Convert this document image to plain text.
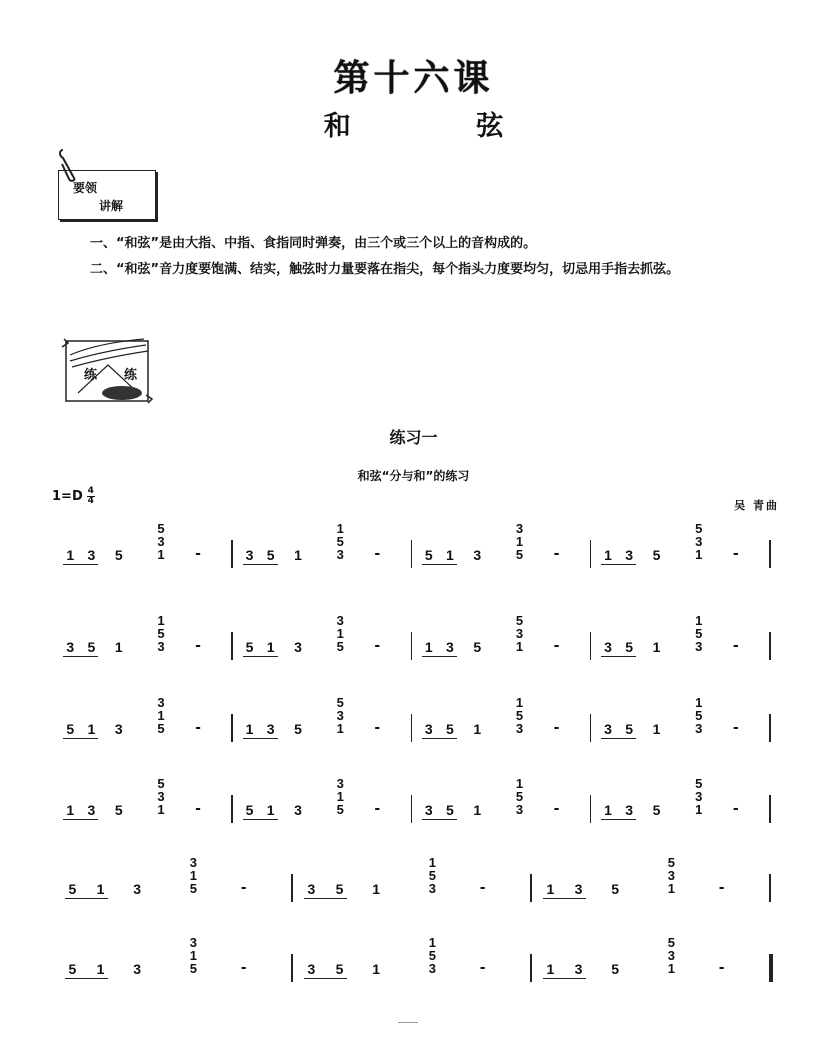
第十六课
和 弦
要领
讲解
一、“和弦”是由大指、中指、食指同时弹奏，由三个或三个以上的音构成的。
二、“和弦”音力度要饱满、结实，触弦时力量要落在指尖，每个指头力度要均匀，切忌用手指去抓弦。
练 练
练习一
和弦“分与和”的练习
$1=D \frac{4}{4}$	吴 青曲
1 3 5
5
3
1 -	3 5 1
1
5
3 -	5 1 3
3
1
5 -	1 3 5
5
3
1 -
3 5 1
1
5
3 -	5 1 3
3
1
5 -	1 3 5
5
3
1 -	3 5 1
1
5
3 -
5 1 3
3
1
5 -	1 3 5
5
3
1 -	3 5 1
1
5
3 -	3 5 1
1
5
3 -
1 3 5
5
3
1 -	5 1 3
3
1
5 -	3 5 1
1
5
3 -	1 3 5
5
3
1 -
5 1 3
3
1
5	-	3 5 1
1
5
3	-	1 3 5
5
3
1	-
5 1 3
3
1
5	-	3 5 1
1
5
3	-	1 3 5
5
3
1	-
